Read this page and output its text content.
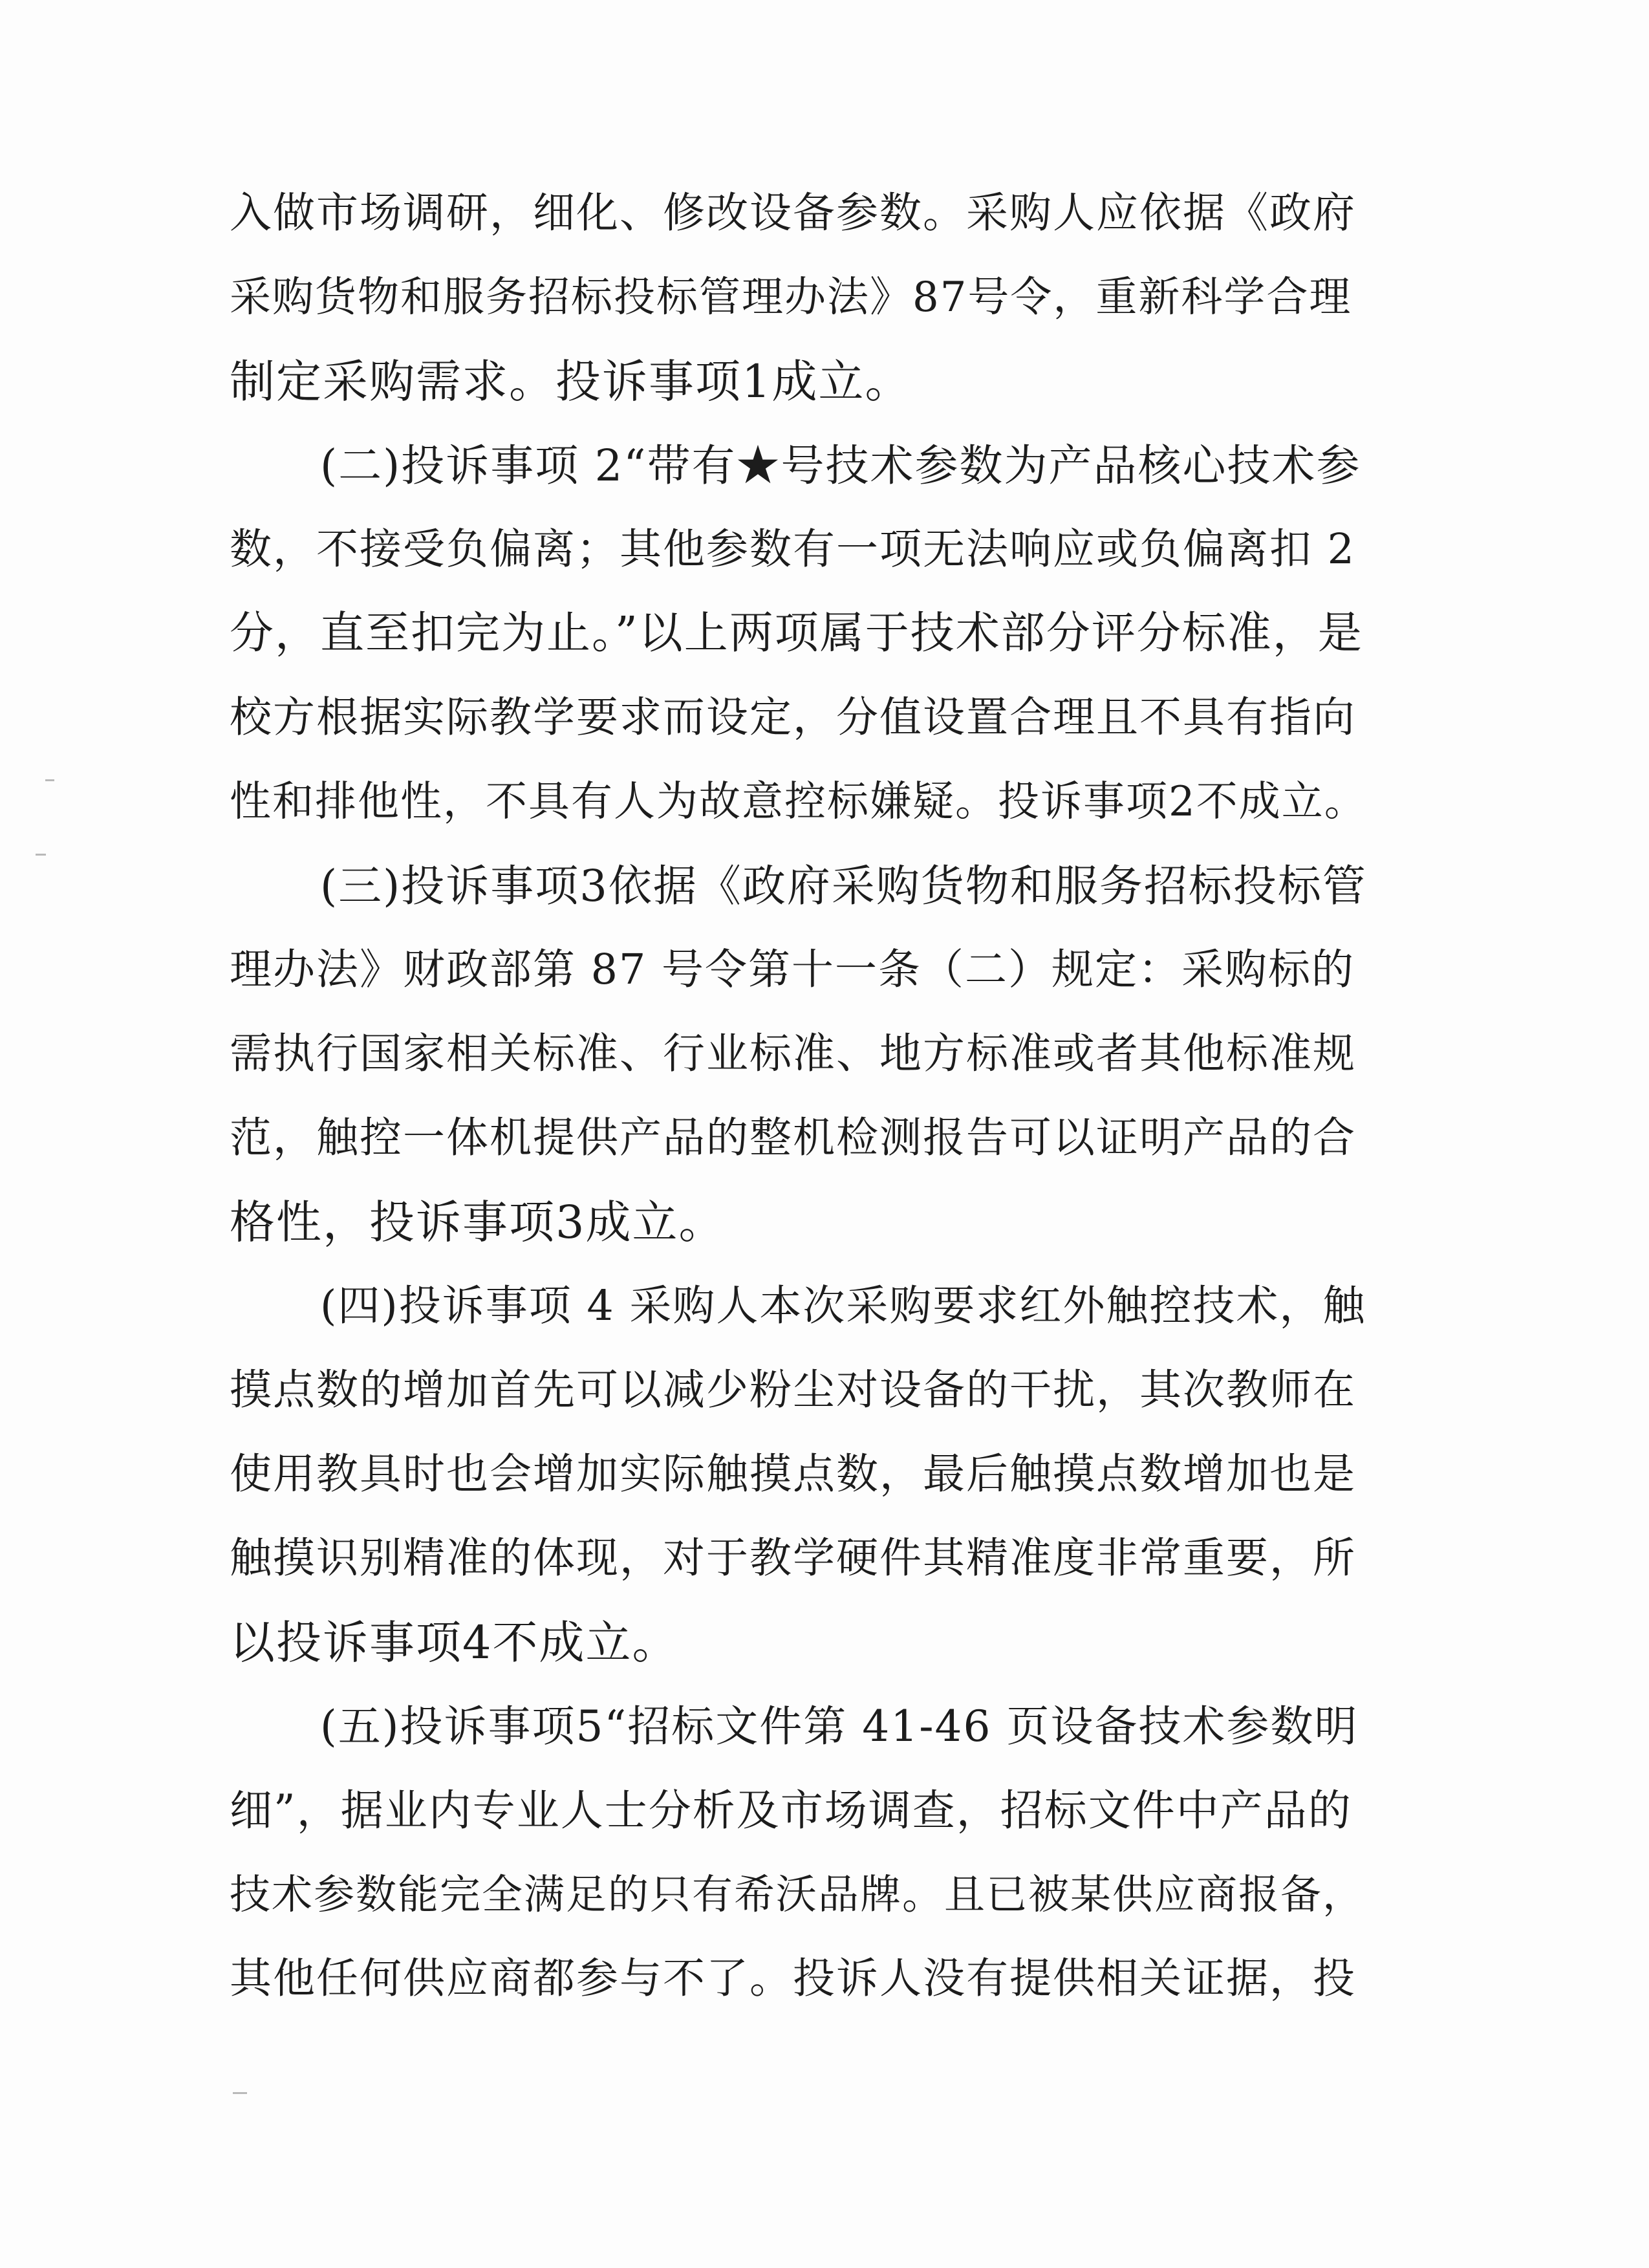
入做市场调研，细化、修改设备参数。采购人应依据《政府
采购货物和服务招标投标管理办法》87号令，重新科学合理
制定采购需求。投诉事项1成立。
(二)投诉事项 2“带有★号技术参数为产品核心技术参
数，不接受负偏离；其他参数有一项无法响应或负偏离扣 2
分，直至扣完为止。”以上两项属于技术部分评分标准，是
校方根据实际教学要求而设定，分值设置合理且不具有指向
性和排他性，不具有人为故意控标嫌疑。投诉事项2不成立。
(三)投诉事项3依据《政府采购货物和服务招标投标管
理办法》财政部第 87 号令第十一条（二）规定：采购标的
需执行国家相关标准、行业标准、地方标准或者其他标准规
范，触控一体机提供产品的整机检测报告可以证明产品的合
格性，投诉事项3成立。
(四)投诉事项 4 采购人本次采购要求红外触控技术，触
摸点数的增加首先可以减少粉尘对设备的干扰，其次教师在
使用教具时也会增加实际触摸点数，最后触摸点数增加也是
触摸识别精准的体现，对于教学硬件其精准度非常重要，所
以投诉事项4不成立。
(五)投诉事项5“招标文件第 41-46 页设备技术参数明
细”，据业内专业人士分析及市场调查，招标文件中产品的
技术参数能完全满足的只有希沃品牌。且已被某供应商报备，
其他任何供应商都参与不了。投诉人没有提供相关证据，投
